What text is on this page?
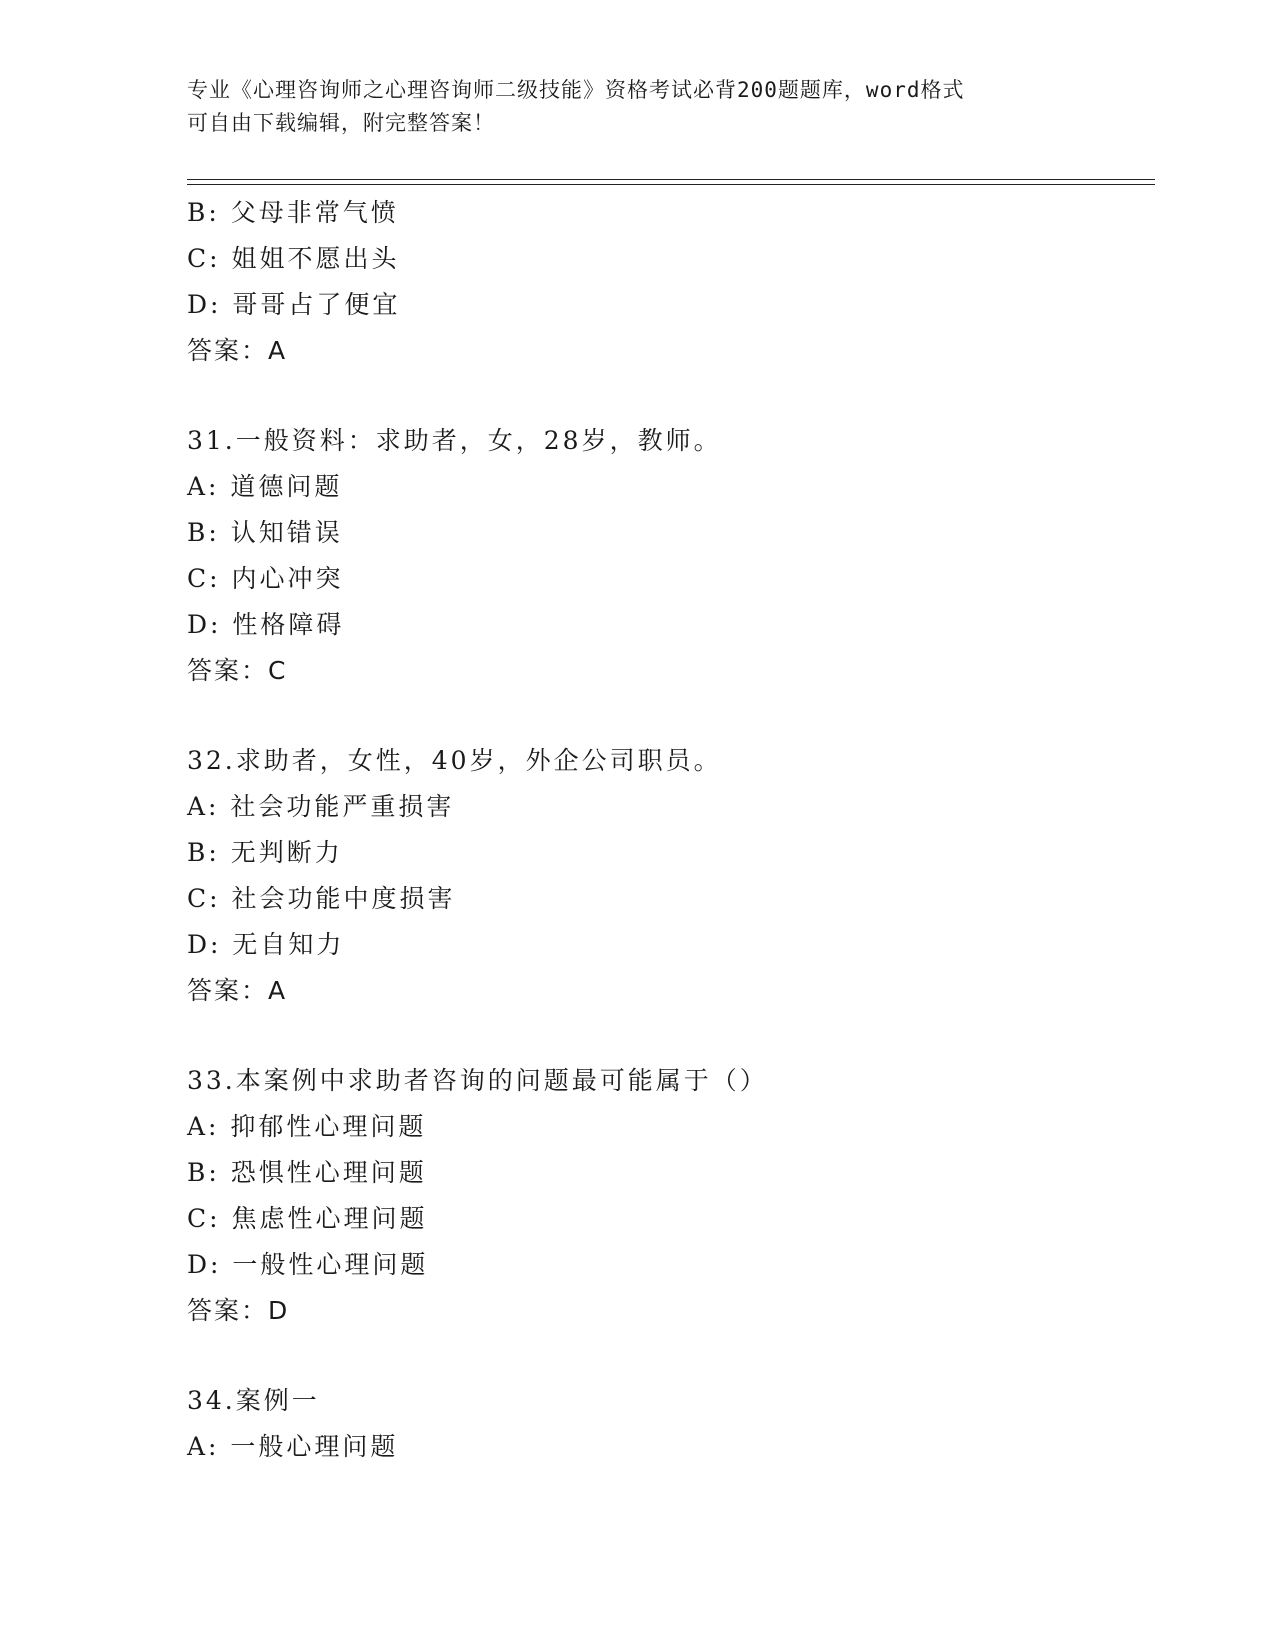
专业《心理咨询师之心理咨询师二级技能》资格考试必背200题题库，word格式
可自由下载编辑，附完整答案！
B: 父母非常气愤
C: 姐姐不愿出头
D: 哥哥占了便宜
答案：A
31.一般资料：求助者，女，28岁，教师。
A: 道德问题
B: 认知错误
C: 内心冲突
D: 性格障碍
答案：C
32.求助者，女性，40岁，外企公司职员。
A: 社会功能严重损害
B: 无判断力
C: 社会功能中度损害
D: 无自知力
答案：A
33.本案例中求助者咨询的问题最可能属于（）
A: 抑郁性心理问题
B: 恐惧性心理问题
C: 焦虑性心理问题
D: 一般性心理问题
答案：D
34.案例一
A: 一般心理问题
